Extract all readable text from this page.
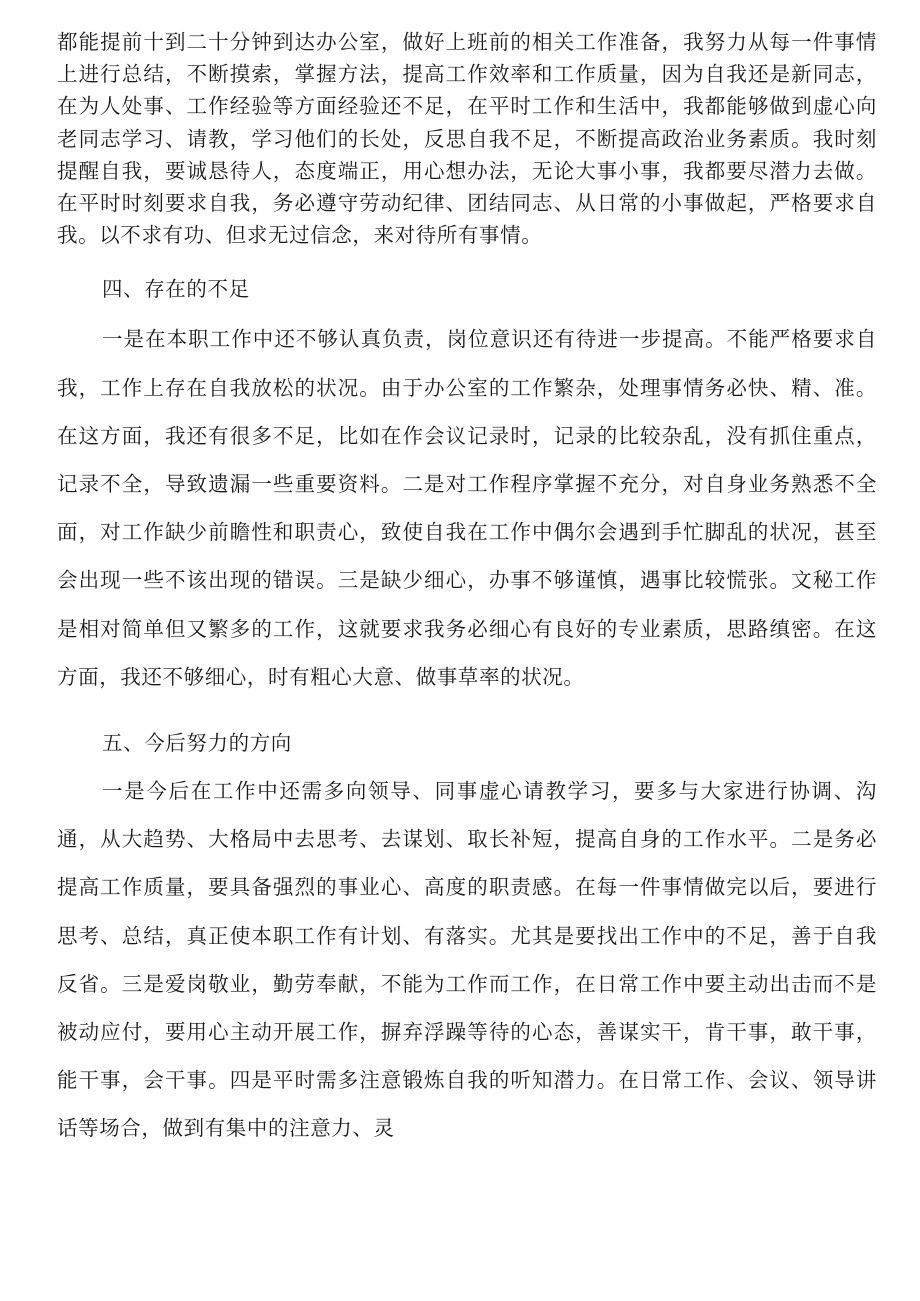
都能提前十到二十分钟到达办公室，做好上班前的相关工作准备，我努力从每一件事情上进行总结，不断摸索，掌握方法，提高工作效率和工作质量，因为自我还是新同志，在为人处事、工作经验等方面经验还不足，在平时工作和生活中，我都能够做到虚心向老同志学习、请教，学习他们的长处，反思自我不足，不断提高政治业务素质。我时刻提醒自我，要诚恳待人，态度端正，用心想办法，无论大事小事，我都要尽潜力去做。在平时时刻要求自我，务必遵守劳动纪律、团结同志、从日常的小事做起，严格要求自我。以不求有功、但求无过信念，来对待所有事情。

四、存在的不足

一是在本职工作中还不够认真负责，岗位意识还有待进一步提高。不能严格要求自我，工作上存在自我放松的状况。由于办公室的工作繁杂，处理事情务必快、精、准。在这方面，我还有很多不足，比如在作会议记录时，记录的比较杂乱，没有抓住重点，记录不全，导致遗漏一些重要资料。二是对工作程序掌握不充分，对自身业务熟悉不全面，对工作缺少前瞻性和职责心，致使自我在工作中偶尔会遇到手忙脚乱的状况，甚至会出现一些不该出现的错误。三是缺少细心，办事不够谨慎，遇事比较慌张。文秘工作是相对简单但又繁多的工作，这就要求我务必细心有良好的专业素质，思路缜密。在这方面，我还不够细心，时有粗心大意、做事草率的状况。

五、今后努力的方向

一是今后在工作中还需多向领导、同事虚心请教学习，要多与大家进行协调、沟通，从大趋势、大格局中去思考、去谋划、取长补短，提高自身的工作水平。二是务必提高工作质量，要具备强烈的事业心、高度的职责感。在每一件事情做完以后，要进行思考、总结，真正使本职工作有计划、有落实。尤其是要找出工作中的不足，善于自我反省。三是爱岗敬业，勤劳奉献，不能为工作而工作，在日常工作中要主动出击而不是被动应付，要用心主动开展工作，摒弃浮躁等待的心态，善谋实干，肯干事，敢干事，能干事，会干事。四是平时需多注意锻炼自我的听知潜力。在日常工作、会议、领导讲话等场合，做到有集中的注意力、灵
